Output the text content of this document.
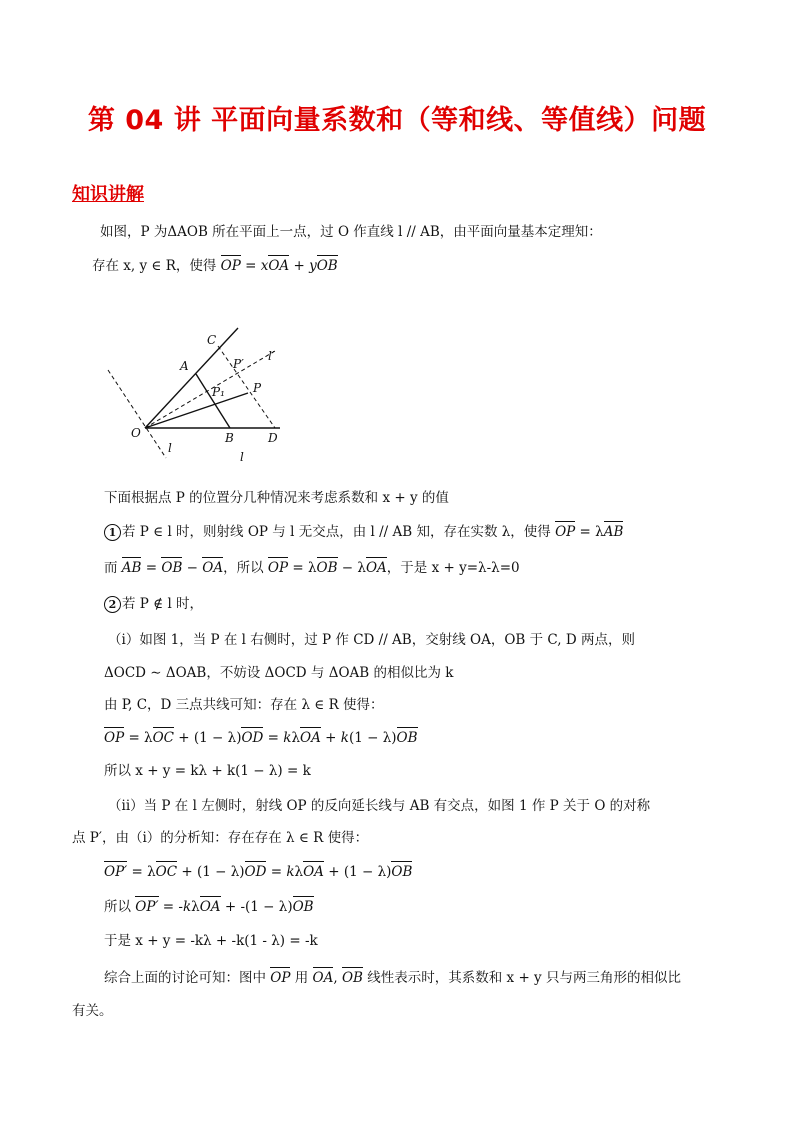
第 04 讲 平面向量系数和（等和线、等值线）问题
知识讲解
如图，P 为ΔAOB 所在平面上一点，过 O 作直线 l // AB，由平面向量基本定理知：
存在 x, y ∈ R，使得 OP = xOA + yOB
C
A	P′
l′
P₁ P
O	B	D
l
l
下面根据点 P 的位置分几种情况来考虑系数和 x + y 的值
1 若 P ∈ l 时，则射线 OP 与 l 无交点，由 l // AB 知，存在实数 λ，使得 OP = λAB
而 AB = OB − OA，所以 OP = λOB − λOA，于是 x + y=λ-λ=0
2 若 P ∉ l 时，
（i）如图 1，当 P 在 l 右侧时，过 P 作 CD // AB，交射线 OA，OB 于 C, D 两点，则
ΔOCD ∼ ΔOAB，不妨设 ΔOCD 与 ΔOAB 的相似比为 k
由 P, C，D 三点共线可知：存在 λ ∈ R 使得：
OP = λOC + (1 − λ)OD = kλOA + k(1 − λ)OB
所以 x + y = kλ + k(1 − λ) = k
（ii）当 P 在 l 左侧时，射线 OP 的反向延长线与 AB 有交点，如图 1 作 P 关于 O 的对称
点 P′，由（i）的分析知：存在存在 λ ∈ R 使得：
OP′ = λOC + (1 − λ)OD = kλOA + (1 − λ)OB
所以 OP′ = -kλOA + -(1 − λ)OB
于是 x + y = -kλ + -k(1 - λ) = -k
综合上面的讨论可知：图中 OP 用 OA, OB 线性表示时，其系数和 x + y 只与两三角形的相似比
有关。
